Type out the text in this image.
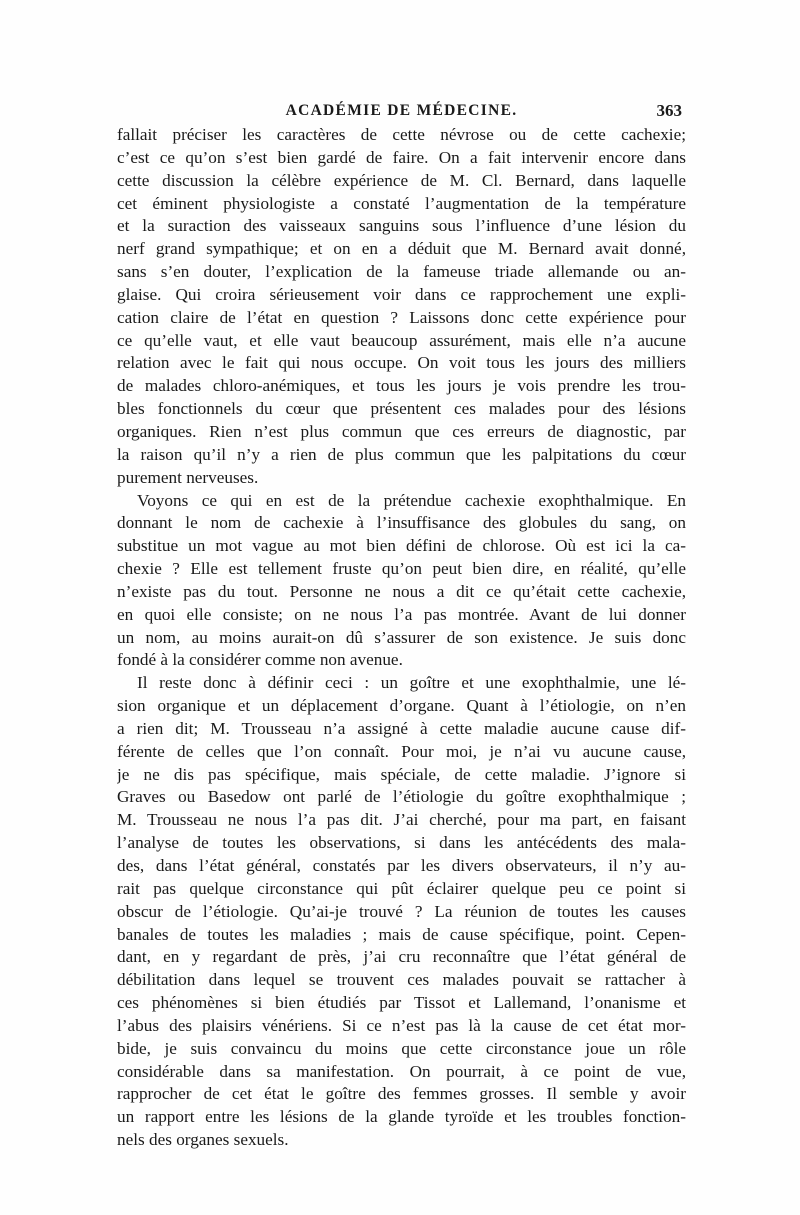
ACADÉMIE DE MÉDECINE.	363
fallait préciser les caractères de cette névrose ou de cette cachexie;
c’est ce qu’on s’est bien gardé de faire. On a fait intervenir encore dans
cette discussion la célèbre expérience de M. Cl. Bernard, dans laquelle
cet éminent physiologiste a constaté l’augmentation de la température
et la suraction des vaisseaux sanguins sous l’influence d’une lésion du
nerf grand sympathique; et on en a déduit que M. Bernard avait donné,
sans s’en douter, l’explication de la fameuse triade allemande ou an-
glaise. Qui croira sérieusement voir dans ce rapprochement une expli-
cation claire de l’état en question ? Laissons donc cette expérience pour
ce qu’elle vaut, et elle vaut beaucoup assurément, mais elle n’a aucune
relation avec le fait qui nous occupe. On voit tous les jours des milliers
de malades chloro-anémiques, et tous les jours je vois prendre les trou-
bles fonctionnels du cœur que présentent ces malades pour des lésions
organiques. Rien n’est plus commun que ces erreurs de diagnostic, par
la raison qu’il n’y a rien de plus commun que les palpitations du cœur
purement nerveuses.
Voyons ce qui en est de la prétendue cachexie exophthalmique. En
donnant le nom de cachexie à l’insuffisance des globules du sang, on
substitue un mot vague au mot bien défini de chlorose. Où est ici la ca-
chexie ? Elle est tellement fruste qu’on peut bien dire, en réalité, qu’elle
n’existe pas du tout. Personne ne nous a dit ce qu’était cette cachexie,
en quoi elle consiste; on ne nous l’a pas montrée. Avant de lui donner
un nom, au moins aurait-on dû s’assurer de son existence. Je suis donc
fondé à la considérer comme non avenue.
Il reste donc à définir ceci : un goître et une exophthalmie, une lé-
sion organique et un déplacement d’organe. Quant à l’étiologie, on n’en
a rien dit; M. Trousseau n’a assigné à cette maladie aucune cause dif-
férente de celles que l’on connaît. Pour moi, je n’ai vu aucune cause,
je ne dis pas spécifique, mais spéciale, de cette maladie. J’ignore si
Graves ou Basedow ont parlé de l’étiologie du goître exophthalmique ;
M. Trousseau ne nous l’a pas dit. J’ai cherché, pour ma part, en faisant
l’analyse de toutes les observations, si dans les antécédents des mala-
des, dans l’état général, constatés par les divers observateurs, il n’y au-
rait pas quelque circonstance qui pût éclairer quelque peu ce point si
obscur de l’étiologie. Qu’ai-je trouvé ? La réunion de toutes les causes
banales de toutes les maladies ; mais de cause spécifique, point. Cepen-
dant, en y regardant de près, j’ai cru reconnaître que l’état général de
débilitation dans lequel se trouvent ces malades pouvait se rattacher à
ces phénomènes si bien étudiés par Tissot et Lallemand, l’onanisme et
l’abus des plaisirs vénériens. Si ce n’est pas là la cause de cet état mor-
bide, je suis convaincu du moins que cette circonstance joue un rôle
considérable dans sa manifestation. On pourrait, à ce point de vue,
rapprocher de cet état le goître des femmes grosses. Il semble y avoir
un rapport entre les lésions de la glande tyroïde et les troubles fonction-
nels des organes sexuels.
